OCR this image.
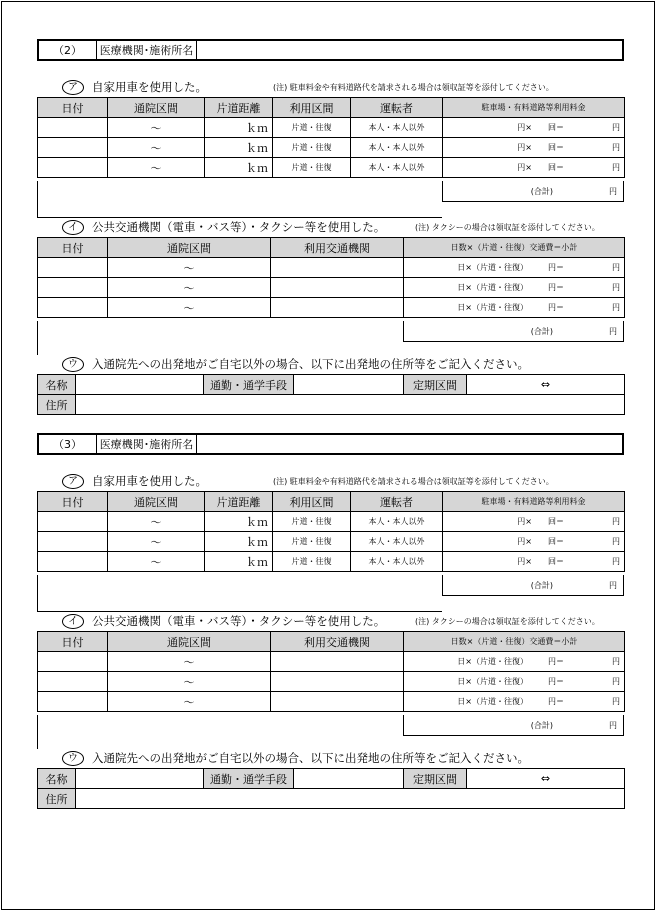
（2）	医療機関･施術所名
ア	自家用車を使用した。	(注) 駐車料金や有料道路代を請求される場合は領収証等を添付してください。
日付	通院区間	片道距離	利用区間	運転者	駐車場・有料道路等利用料金
	～	ｋｍ	片道・往復	本人・本人以外	円×　　回＝　　　　　　円
	～	ｋｍ	片道・往復	本人・本人以外	円×　　回＝　　　　　　円
	～	ｋｍ	片道・往復	本人・本人以外	円×　　回＝　　　　　　円
(合計)　　　　　　　円
イ	公共交通機関（電車・バス等）・タクシー等を使用した。	(注) タクシーの場合は領収証を添付してください。
日付	通院区間	利用交通機関	日数×（片道・往復）交通費＝小計
	～		日×（片道・往復）　　　円＝　　　　　　円
	～		日×（片道・往復）　　　円＝　　　　　　円
	～		日×（片道・往復）　　　円＝　　　　　　円
(合計)　　　　　　　円
ウ	入通院先への出発地がご自宅以外の場合、以下に出発地の住所等をご記入ください。
名称		通勤・通学手段		定期区間	⇔
住所					
（3）	医療機関･施術所名
ア	自家用車を使用した。	(注) 駐車料金や有料道路代を請求される場合は領収証等を添付してください。
日付	通院区間	片道距離	利用区間	運転者	駐車場・有料道路等利用料金
	～	ｋｍ	片道・往復	本人・本人以外	円×　　回＝　　　　　　円
	～	ｋｍ	片道・往復	本人・本人以外	円×　　回＝　　　　　　円
	～	ｋｍ	片道・往復	本人・本人以外	円×　　回＝　　　　　　円
(合計)　　　　　　　円
イ	公共交通機関（電車・バス等）・タクシー等を使用した。	(注) タクシーの場合は領収証を添付してください。
日付	通院区間	利用交通機関	日数×（片道・往復）交通費＝小計
	～		日×（片道・往復）　　　円＝　　　　　　円
	～		日×（片道・往復）　　　円＝　　　　　　円
	～		日×（片道・往復）　　　円＝　　　　　　円
(合計)　　　　　　　円
ウ	入通院先への出発地がご自宅以外の場合、以下に出発地の住所等をご記入ください。
名称		通勤・通学手段		定期区間	⇔
住所					
